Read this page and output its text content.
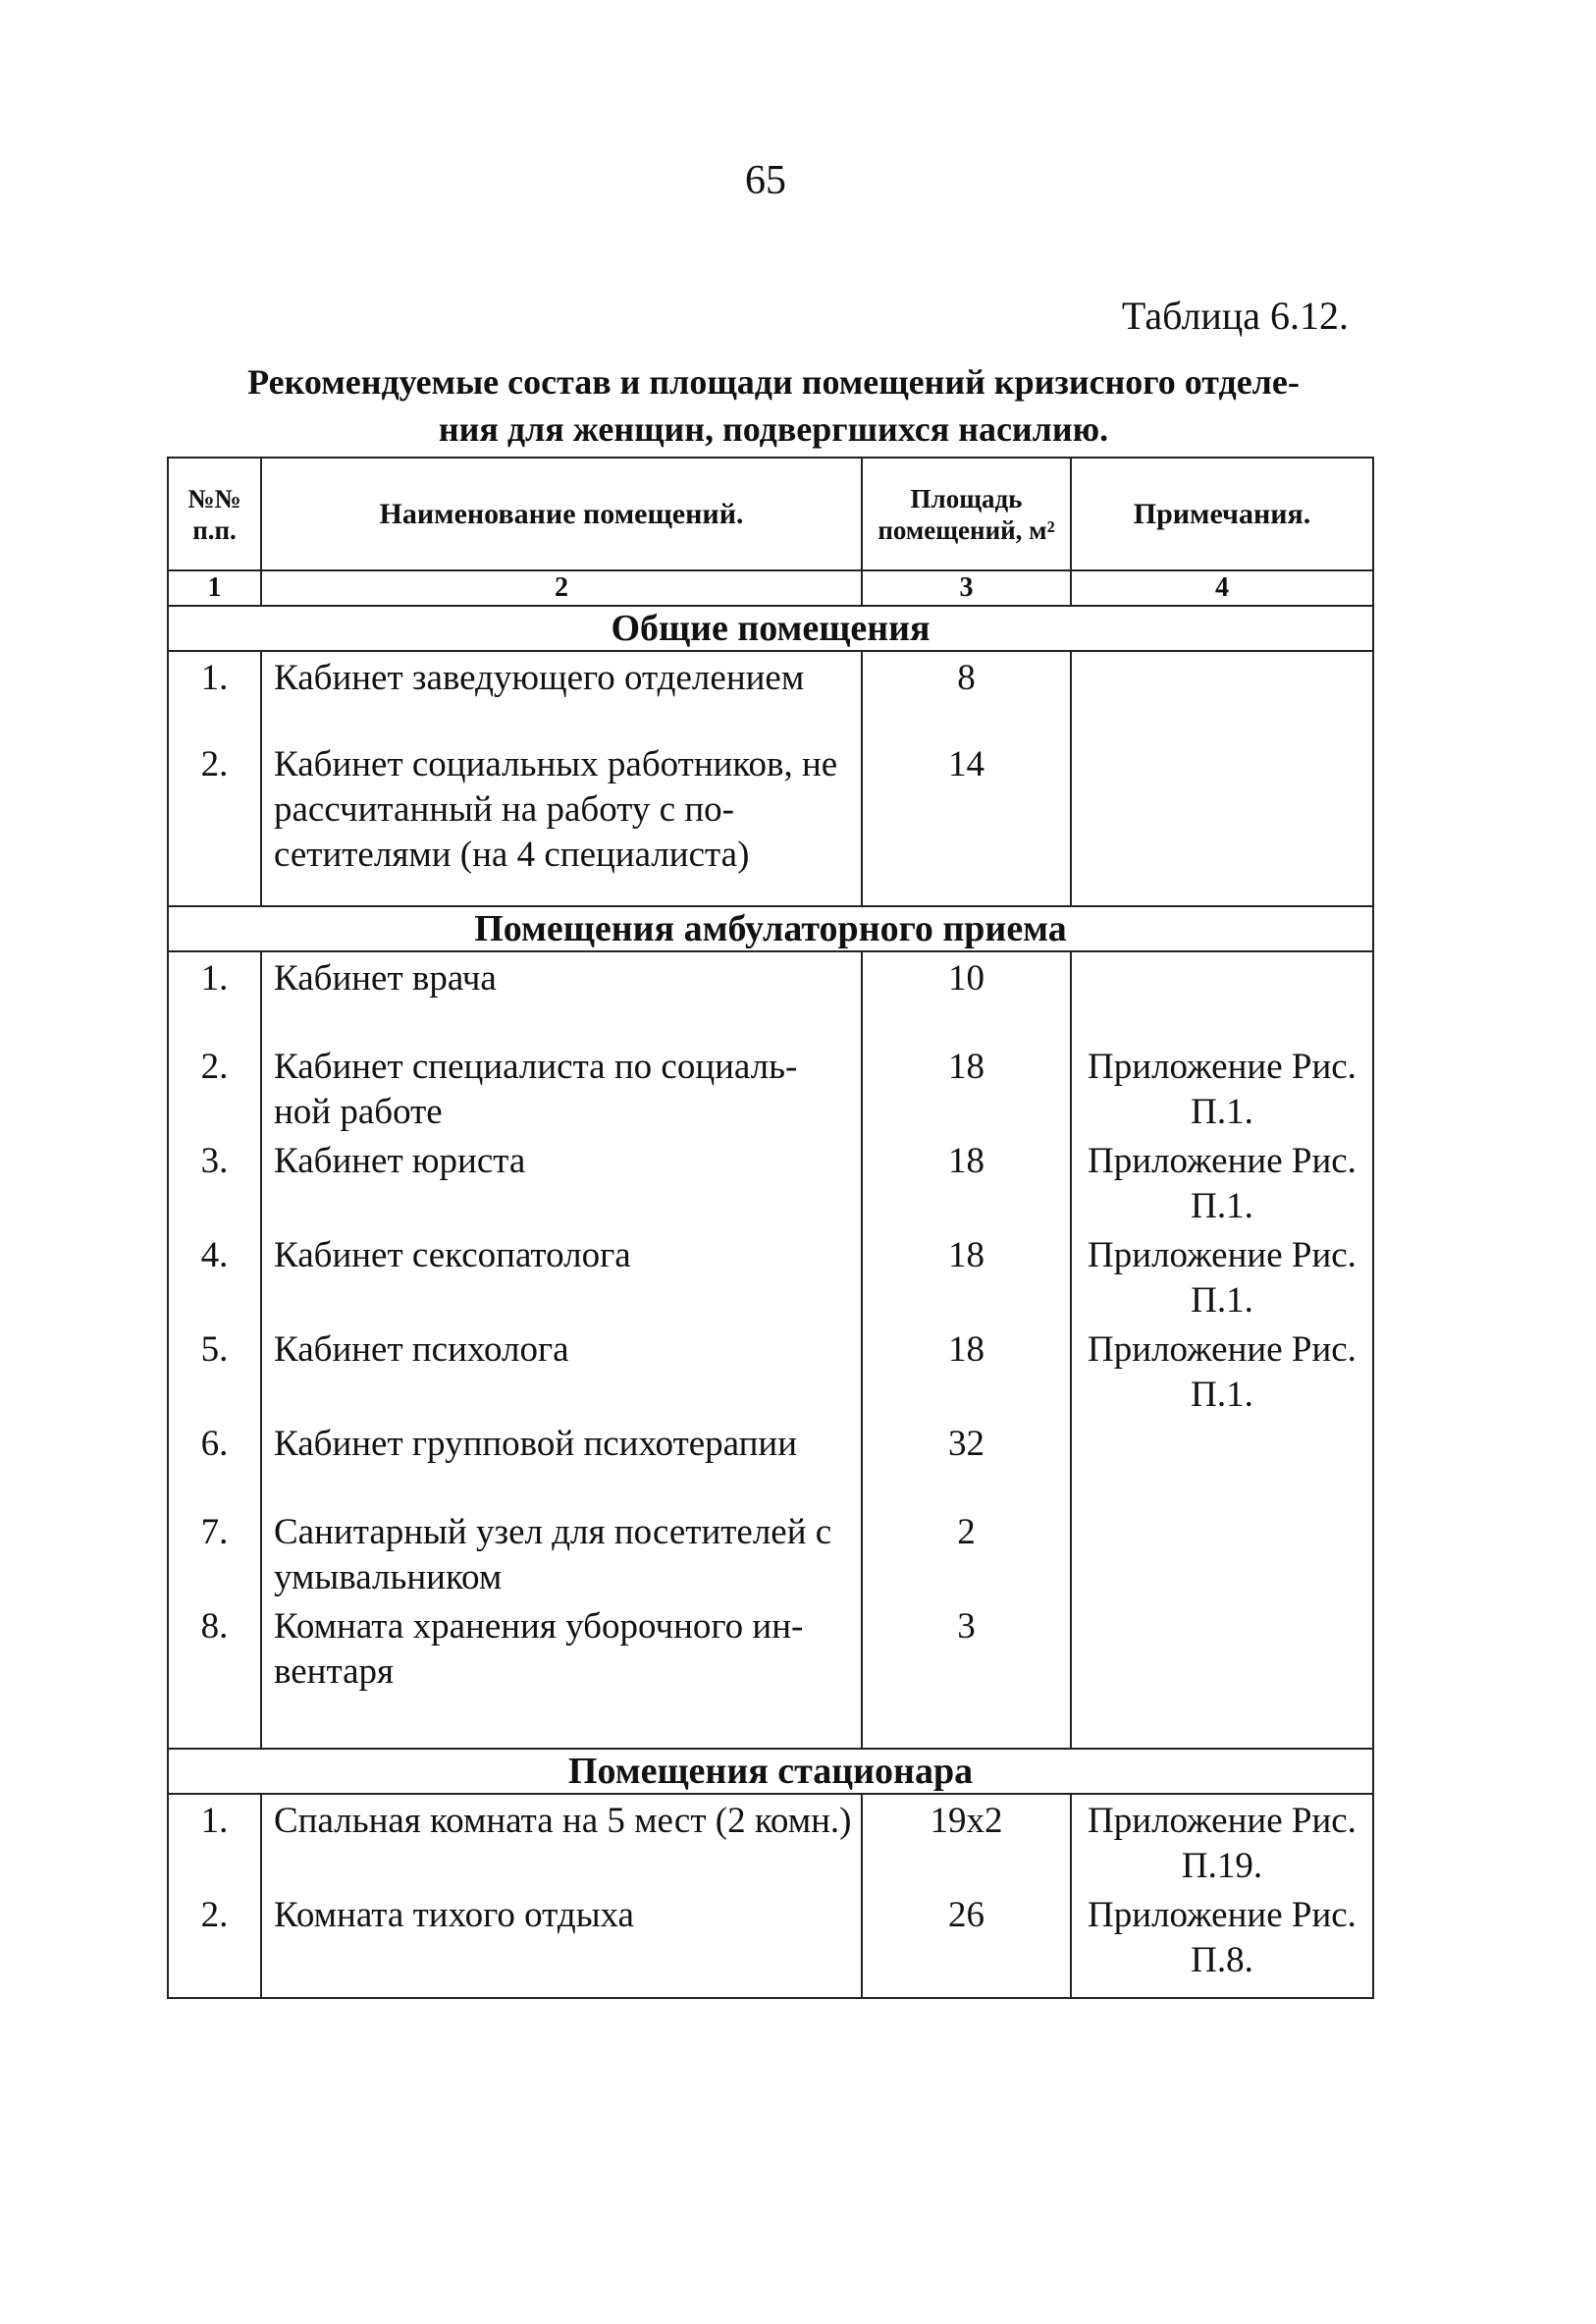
65
Таблица 6.12.
Рекомендуемые состав и площади помещений кризисного отделе-
ния для женщин, подвергшихся насилию.
№№ п.п.	Наименование помещений.	Площадь помещений, м²	Примечания.
1	2	3	4
Общие помещения			

1.	Кабинет заведующего отделением	8	

2.	Кабинет социальных работников, не рассчитанный на работу с по-сетителями (на 4 специалиста)	14	

Помещения амбулаторного приема			

1.	Кабинет врача	10	

2.	Кабинет специалиста по социаль-ной работе	18	Приложение Рис. П.1.

3.	Кабинет юриста	18	Приложение Рис. П.1.

4.	Кабинет сексопатолога	18	Приложение Рис. П.1.

5.	Кабинет психолога	18	Приложение Рис. П.1.

6.	Кабинет групповой психотерапии	32	

7.	Санитарный узел для посетителей с умывальником	2	

8.	Комната хранения уборочного ин-вентаря	3	

Помещения стационара			

1.	Спальная комната на 5 мест (2 комн.)	19х2	Приложение Рис. П.19.

2.	Комната тихого отдыха	26	Приложение Рис. П.8.
